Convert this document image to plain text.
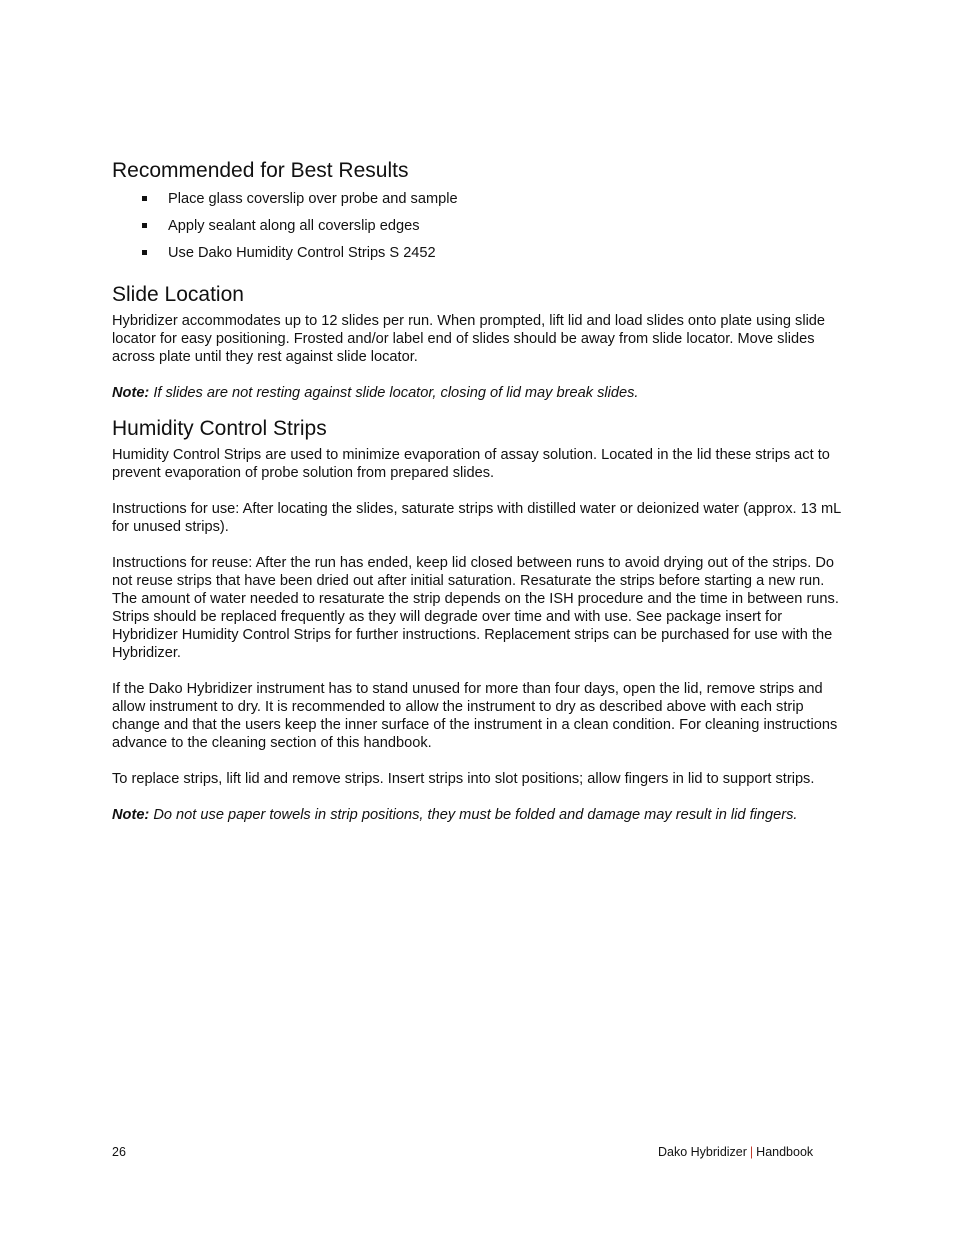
Recommended for Best Results
Place glass coverslip over probe and sample
Apply sealant along all coverslip edges
Use Dako Humidity Control Strips S 2452
Slide Location

Hybridizer accommodates up to 12 slides per run. When prompted, lift lid and load slides onto plate using slide locator for easy positioning. Frosted and/or label end of slides should be away from slide locator. Move slides across plate until they rest against slide locator.

Note: If slides are not resting against slide locator, closing of lid may break slides.

Humidity Control Strips

Humidity Control Strips are used to minimize evaporation of assay solution. Located in the lid these strips act to prevent evaporation of probe solution from prepared slides.

Instructions for use: After locating the slides, saturate strips with distilled water or deionized water (approx. 13 mL for unused strips).

Instructions for reuse: After the run has ended, keep lid closed between runs to avoid drying out of the strips. Do not reuse strips that have been dried out after initial saturation. Resaturate the strips before starting a new run. The amount of water needed to resaturate the strip depends on the ISH procedure and the time in between runs. Strips should be replaced frequently as they will degrade over time and with use. See package insert for Hybridizer Humidity Control Strips for further instructions. Replacement strips can be purchased for use with the Hybridizer.

If the Dako Hybridizer instrument has to stand unused for more than four days, open the lid, remove strips and allow instrument to dry. It is recommended to allow the instrument to dry as described above with each strip change and that the users keep the inner surface of the instrument in a clean condition. For cleaning instructions advance to the cleaning section of this handbook.

To replace strips, lift lid and remove strips. Insert strips into slot positions; allow fingers in lid to support strips.

Note: Do not use paper towels in strip positions, they must be folded and damage may result in lid fingers.

26	Dako Hybridizer | Handbook
